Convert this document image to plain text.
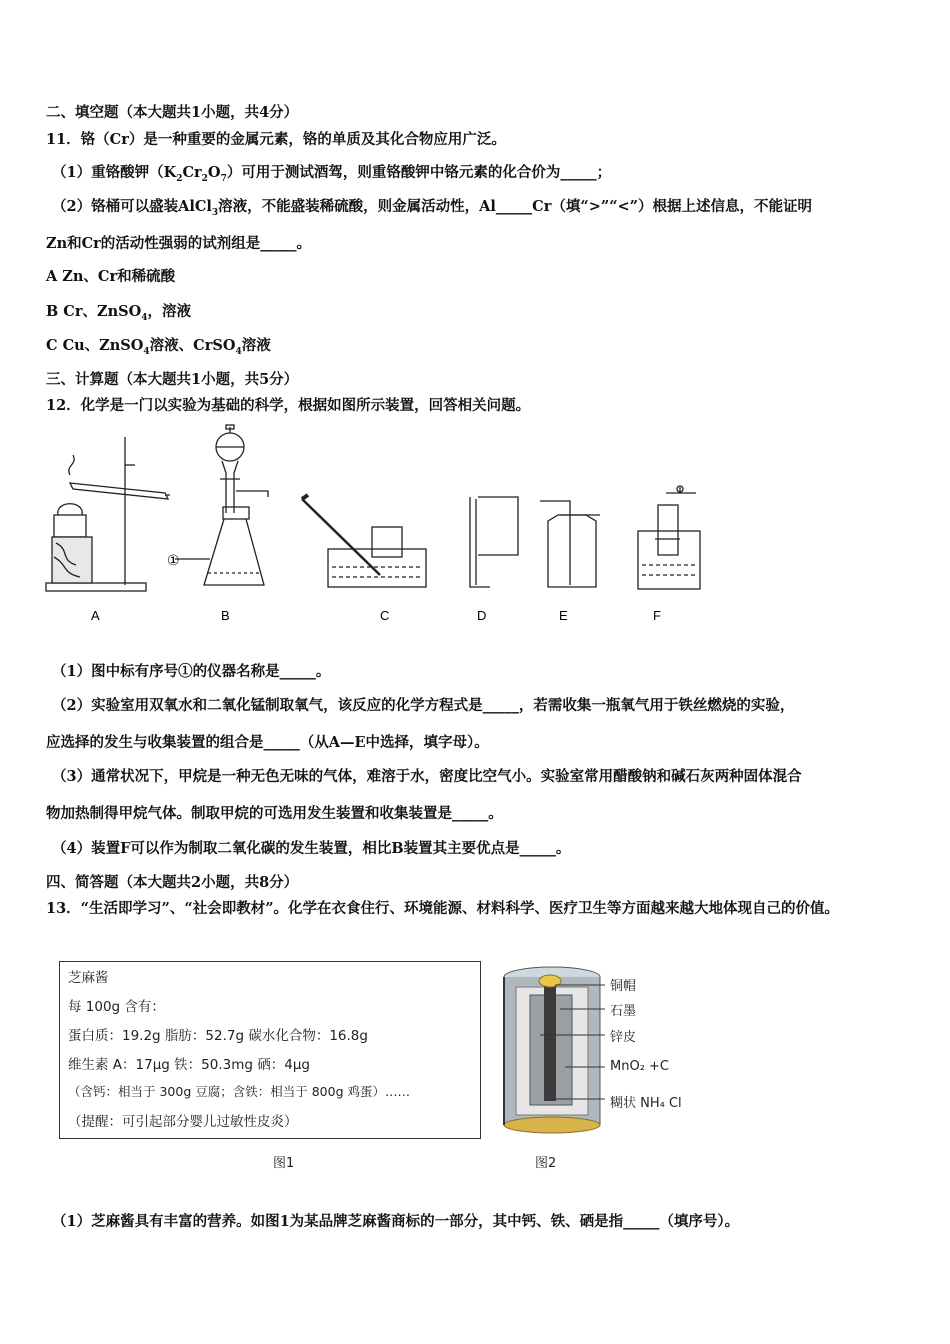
二、填空题（本大题共1小题，共4分）
11．铬（Cr）是一种重要的金属元素，铬的单质及其化合物应用广泛。
（1）重铬酸钾$(K_2Cr_2O_7)$可用于测试酒驾，则重铬酸钾中铬元素的化合价为_____；
（2）铬桶可以盛装AlCl$_3$溶液，不能盛装稀硫酸，则金属活动性，Al_____Cr（填“>”“<”）根据上述信息，不能证明
Zn和Cr的活动性强弱的试剂组是_____。
A Zn、Cr和稀硫酸
B Cr、ZnSO$_4$，溶液
C Cu、ZnSO$_4$溶液、CrSO$_4$溶液
三、计算题（本大题共1小题，共5分）
12．化学是一门以实验为基础的科学，根据如图所示装置，回答相关问题。
A	B	C	D	E	F
①
（1）图中标有序号①的仪器名称是_____。
（2）实验室用双氧水和二氧化锰制取氧气，该反应的化学方程式是_____，若需收集一瓶氧气用于铁丝燃烧的实验，
应选择的发生与收集装置的组合是_____（从A—E中选择，填字母）。
（3）通常状况下，甲烷是一种无色无味的气体，难溶于水，密度比空气小。实验室常用醋酸钠和碱石灰两种固体混合
物加热制得甲烷气体。制取甲烷的可选用发生装置和收集装置是_____。
（4）装置F可以作为制取二氧化碳的发生装置，相比B装置其主要优点是_____。
四、简答题（本大题共2小题，共8分）
13．“生活即学习”、“社会即教材”。化学在衣食住行、环境能源、材料科学、医疗卫生等方面越来越大地体现自己的价值。
芝麻酱
每 100g 含有：
蛋白质：19.2g 脂肪：52.7g 碳水化合物：16.8g
维生素 A：17μg 铁：50.3mg 硒：4μg
（含钙：相当于 300g 豆腐；含铁：相当于 800g 鸡蛋）……
（提醒：可引起部分婴儿过敏性皮炎）
铜帽
石墨
锌皮
MnO₂ +C
糊状 NH₄ Cl
图1	图2
（1）芝麻酱具有丰富的营养。如图1为某品牌芝麻酱商标的一部分，其中钙、铁、硒是指_____（填序号）。
